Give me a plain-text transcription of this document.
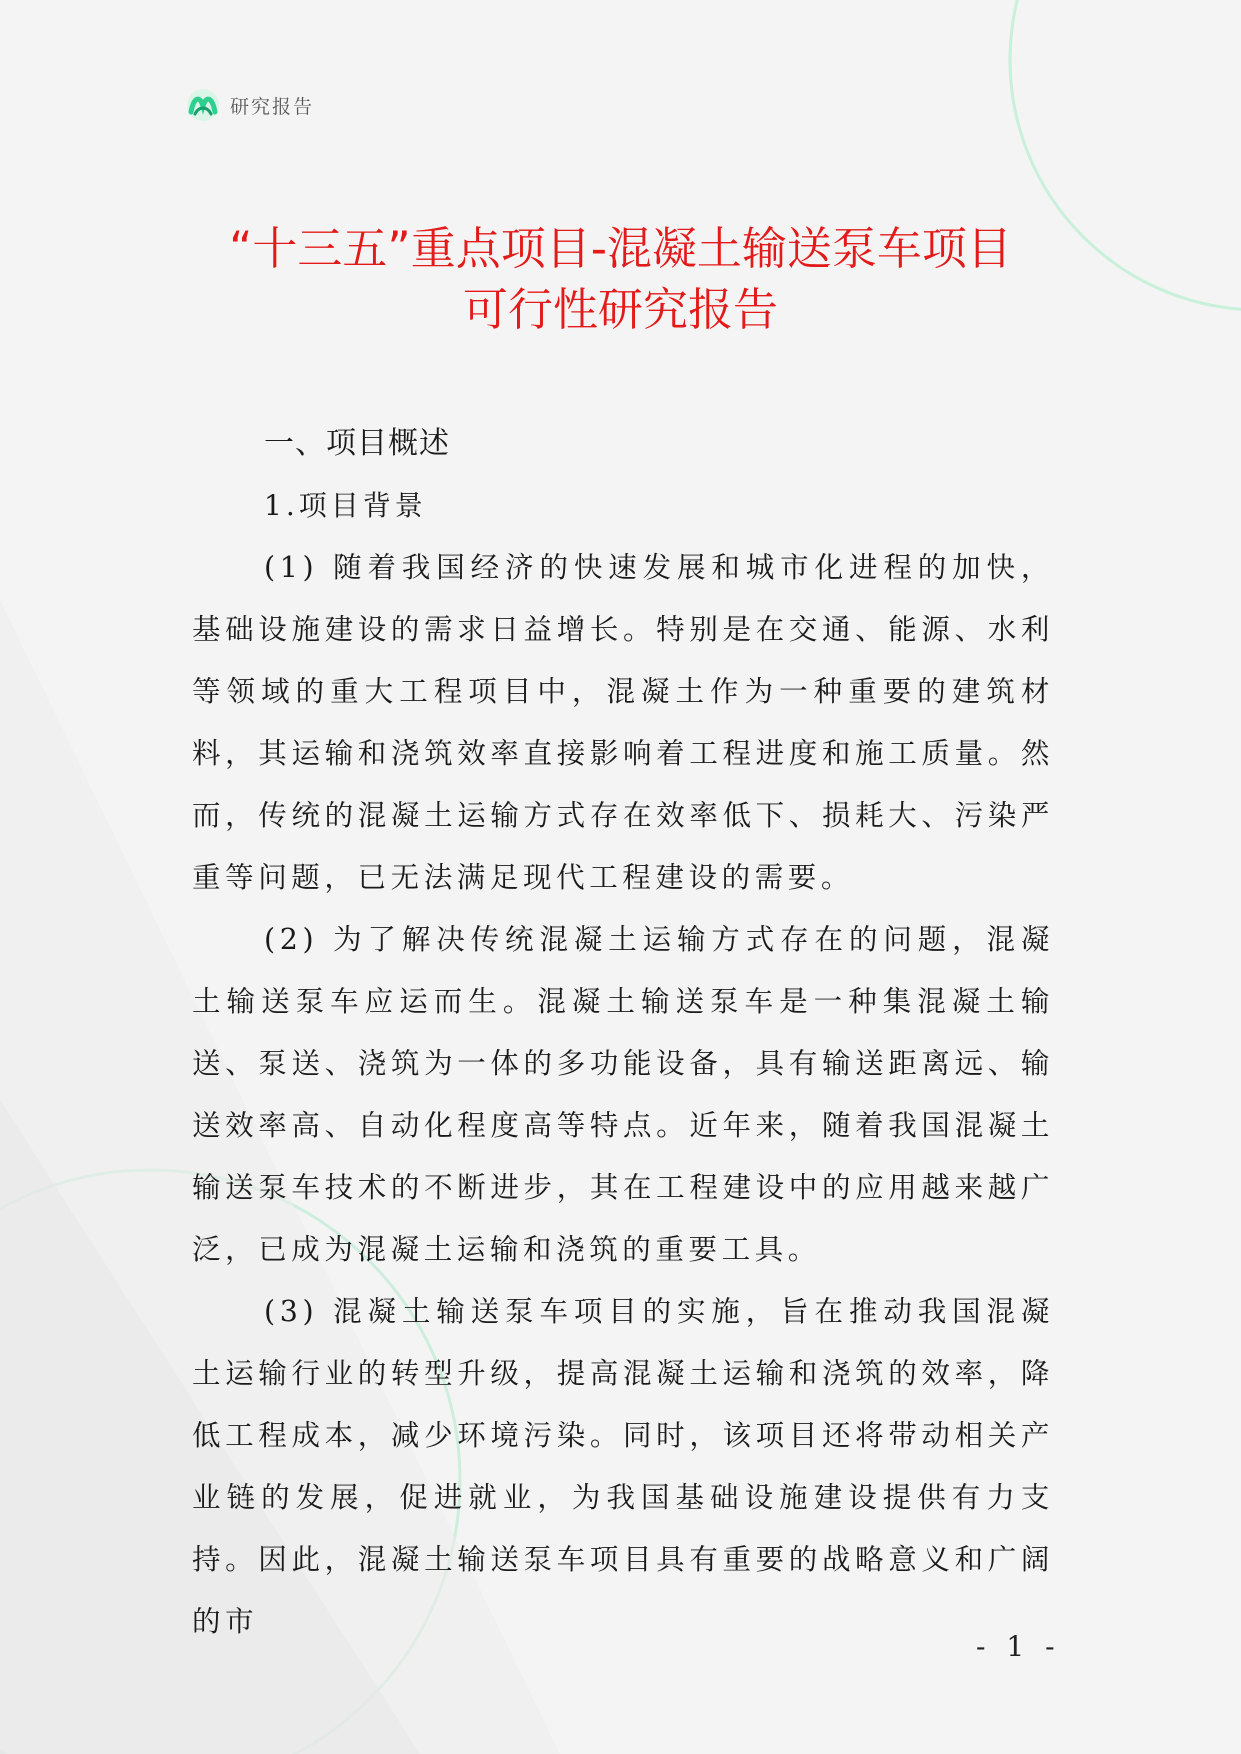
研究报告
“十三五”重点项目-混凝土输送泵车项目
可行性研究报告
一、项目概述
1.项目背景

(1) 随着我国经济的快速发展和城市化进程的加快，基础设施建设的需求日益增长。特别是在交通、能源、水利等领域的重大工程项目中，混凝土作为一种重要的建筑材料，其运输和浇筑效率直接影响着工程进度和施工质量。然而，传统的混凝土运输方式存在效率低下、损耗大、污染严重等问题，已无法满足现代工程建设的需要。

(2) 为了解决传统混凝土运输方式存在的问题，混凝土输送泵车应运而生。混凝土输送泵车是一种集混凝土输送、泵送、浇筑为一体的多功能设备，具有输送距离远、输送效率高、自动化程度高等特点。近年来，随着我国混凝土输送泵车技术的不断进步，其在工程建设中的应用越来越广泛，已成为混凝土运输和浇筑的重要工具。

(3) 混凝土输送泵车项目的实施，旨在推动我国混凝土运输行业的转型升级，提高混凝土运输和浇筑的效率，降低工程成本，减少环境污染。同时，该项目还将带动相关产业链的发展，促进就业，为我国基础设施建设提供有力支持。因此，混凝土输送泵车项目具有重要的战略意义和广阔的市

- 1 -
